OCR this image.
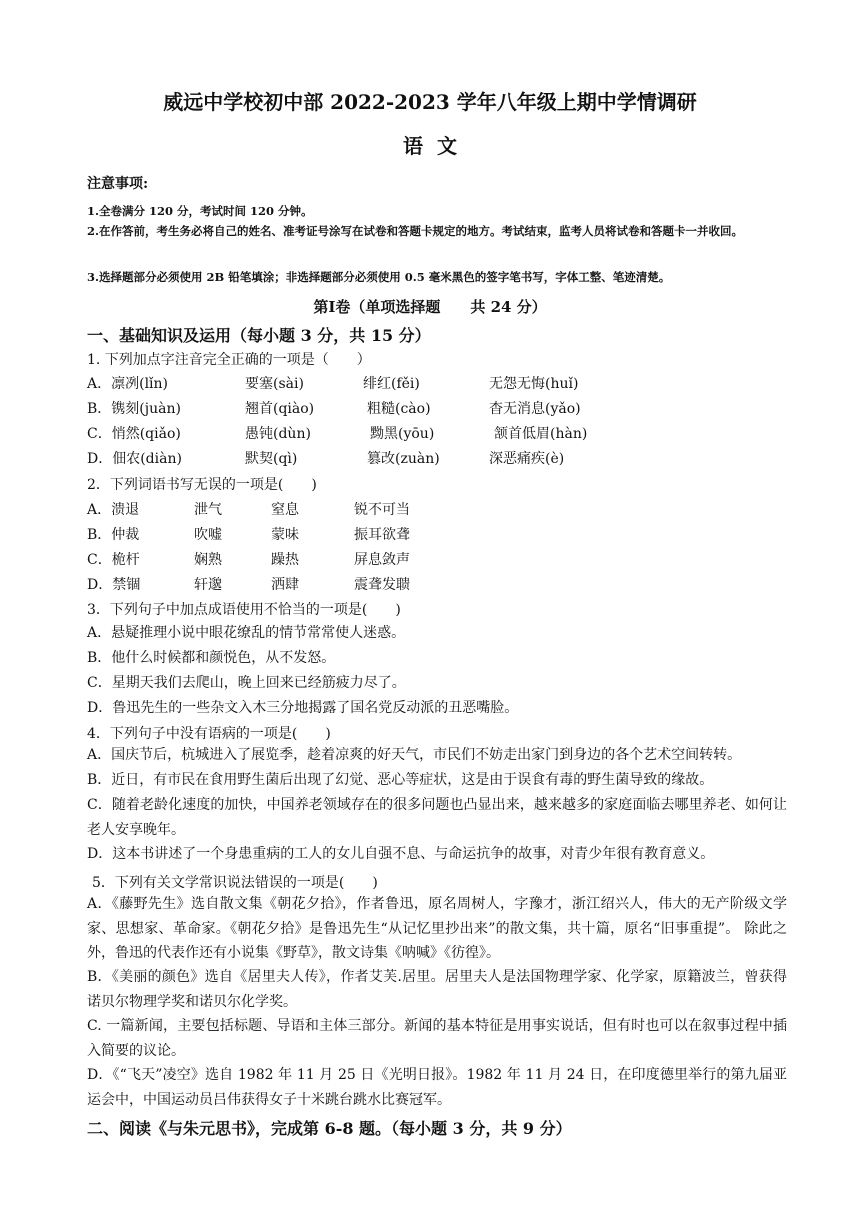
威远中学校初中部 2022-2023 学年八年级上期中学情调研
语文
注意事项:
1.全卷满分 120 分，考试时间 120 分钟。
2.在作答前，考生务必将自己的姓名、准考证号涂写在试卷和答题卡规定的地方。考试结束，监考人员将试卷和答题卡一并收回。
3.选择题部分必须使用 2B 铅笔填涂；非选择题部分必须使用 0.5 毫米黑色的签字笔书写，字体工整、笔迹清楚。
第Ⅰ卷（单项选择题　　共 24 分）
一、基础知识及运用（每小题 3 分，共 15 分）
1. 下列加点字注音完全正确的一项是（　　）
A．凛冽(lǐn)	要塞(sài)	绯红(fěi)	无怨无悔(huǐ)
B．镌刻(juàn)	翘首(qiào)	粗糙(cào)	杳无消息(yǎo)
C．悄然(qiǎo)	愚钝(dùn)	黝黑(yōu)	颔首低眉(hàn)
D．佃农(diàn)	默契(qì)	篡改(zuàn)	深恶痛疾(è)
2．下列词语书写无误的一项是(　　)
A．溃退	泄气	窒息	锐不可当
B．仲裁	吹嘘	蒙味	振耳欲聋
C．桅杆	娴熟	躁热	屏息敛声
D．禁锢	轩邈	洒肆	震聋发聩
3．下列句子中加点成语使用不恰当的一项是(　　)
A．悬疑推理小说中眼花缭乱的情节常常使人迷惑。
B．他什么时候都和颜悦色，从不发怒。
C．星期天我们去爬山，晚上回来已经筋疲力尽了。
D．鲁迅先生的一些杂文入木三分地揭露了国名党反动派的丑恶嘴脸。
4．下列句子中没有语病的一项是(　　)
A．国庆节后，杭城进入了展览季，趁着凉爽的好天气，市民们不妨走出家门到身边的各个艺术空间转转。
B．近日，有市民在食用野生菌后出现了幻觉、恶心等症状，这是由于误食有毒的野生菌导致的缘故。
C．随着老龄化速度的加快，中国养老领域存在的很多问题也凸显出来，越来越多的家庭面临去哪里养老、如何让老人安享晚年。
D．这本书讲述了一个身患重病的工人的女儿自强不息、与命运抗争的故事，对青少年很有教育意义。
5．下列有关文学常识说法错误的一项是(　　)
A．《藤野先生》选自散文集《朝花夕拾》，作者鲁迅，原名周树人，字豫才，浙江绍兴人，伟大的无产阶级文学家、思想家、革命家。《朝花夕拾》是鲁迅先生“从记忆里抄出来”的散文集，共十篇，原名“旧事重提”。 除此之外，鲁迅的代表作还有小说集《野草》，散文诗集《呐喊》《彷徨》。
B．《美丽的颜色》选自《居里夫人传》，作者艾芙.居里。居里夫人是法国物理学家、化学家，原籍波兰，曾获得诺贝尔物理学奖和诺贝尔化学奖。
C. 一篇新闻，主要包括标题、导语和主体三部分。新闻的基本特征是用事实说话，但有时也可以在叙事过程中插入简要的议论。
D．《“飞天”凌空》选自 1982 年 11 月 25 日《光明日报》。1982 年 11 月 24 日，在印度德里举行的第九届亚运会中，中国运动员吕伟获得女子十米跳台跳水比赛冠军。
二、阅读《与朱元思书》，完成第 6-8 题。（每小题 3 分，共 9 分）
